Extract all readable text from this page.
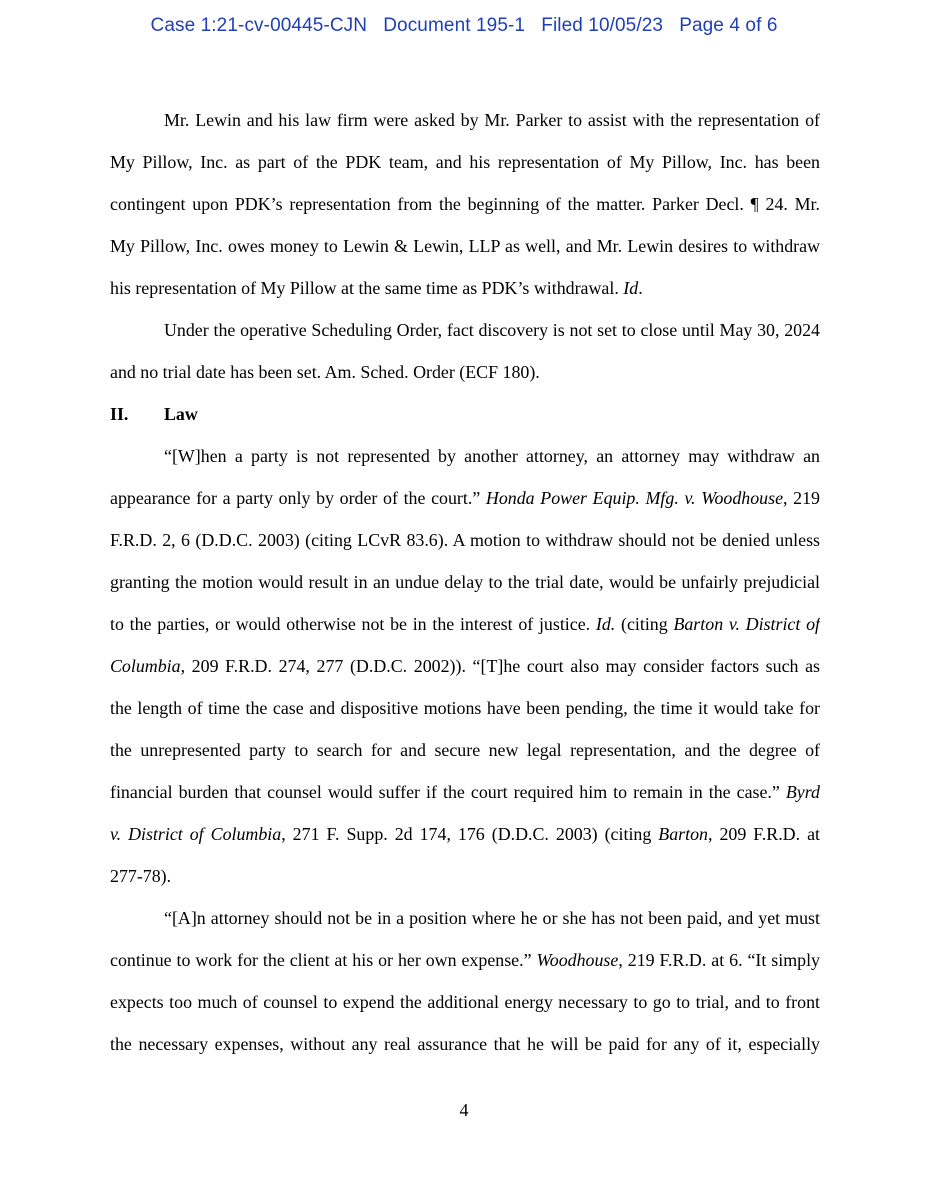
Case 1:21-cv-00445-CJN Document 195-1 Filed 10/05/23 Page 4 of 6
Mr. Lewin and his law firm were asked by Mr. Parker to assist with the representation of
My Pillow, Inc. as part of the PDK team, and his representation of My Pillow, Inc. has been
contingent upon PDK’s representation from the beginning of the matter. Parker Decl. ¶ 24. Mr.
My Pillow, Inc. owes money to Lewin & Lewin, LLP as well, and Mr. Lewin desires to withdraw
his representation of My Pillow at the same time as PDK’s withdrawal. Id.
Under the operative Scheduling Order, fact discovery is not set to close until May 30, 2024
and no trial date has been set. Am. Sched. Order (ECF 180).
II.	Law
“[W]hen a party is not represented by another attorney, an attorney may withdraw an
appearance for a party only by order of the court.” Honda Power Equip. Mfg. v. Woodhouse, 219
F.R.D. 2, 6 (D.D.C. 2003) (citing LCvR 83.6). A motion to withdraw should not be denied unless
granting the motion would result in an undue delay to the trial date, would be unfairly prejudicial
to the parties, or would otherwise not be in the interest of justice. Id. (citing Barton v. District of
Columbia, 209 F.R.D. 274, 277 (D.D.C. 2002)). “[T]he court also may consider factors such as
the length of time the case and dispositive motions have been pending, the time it would take for
the unrepresented party to search for and secure new legal representation, and the degree of
financial burden that counsel would suffer if the court required him to remain in the case.” Byrd
v. District of Columbia, 271 F. Supp. 2d 174, 176 (D.D.C. 2003) (citing Barton, 209 F.R.D. at
277-78).
“[A]n attorney should not be in a position where he or she has not been paid, and yet must
continue to work for the client at his or her own expense.” Woodhouse, 219 F.R.D. at 6. “It simply
expects too much of counsel to expend the additional energy necessary to go to trial, and to front
the necessary expenses, without any real assurance that he will be paid for any of it, especially
4
